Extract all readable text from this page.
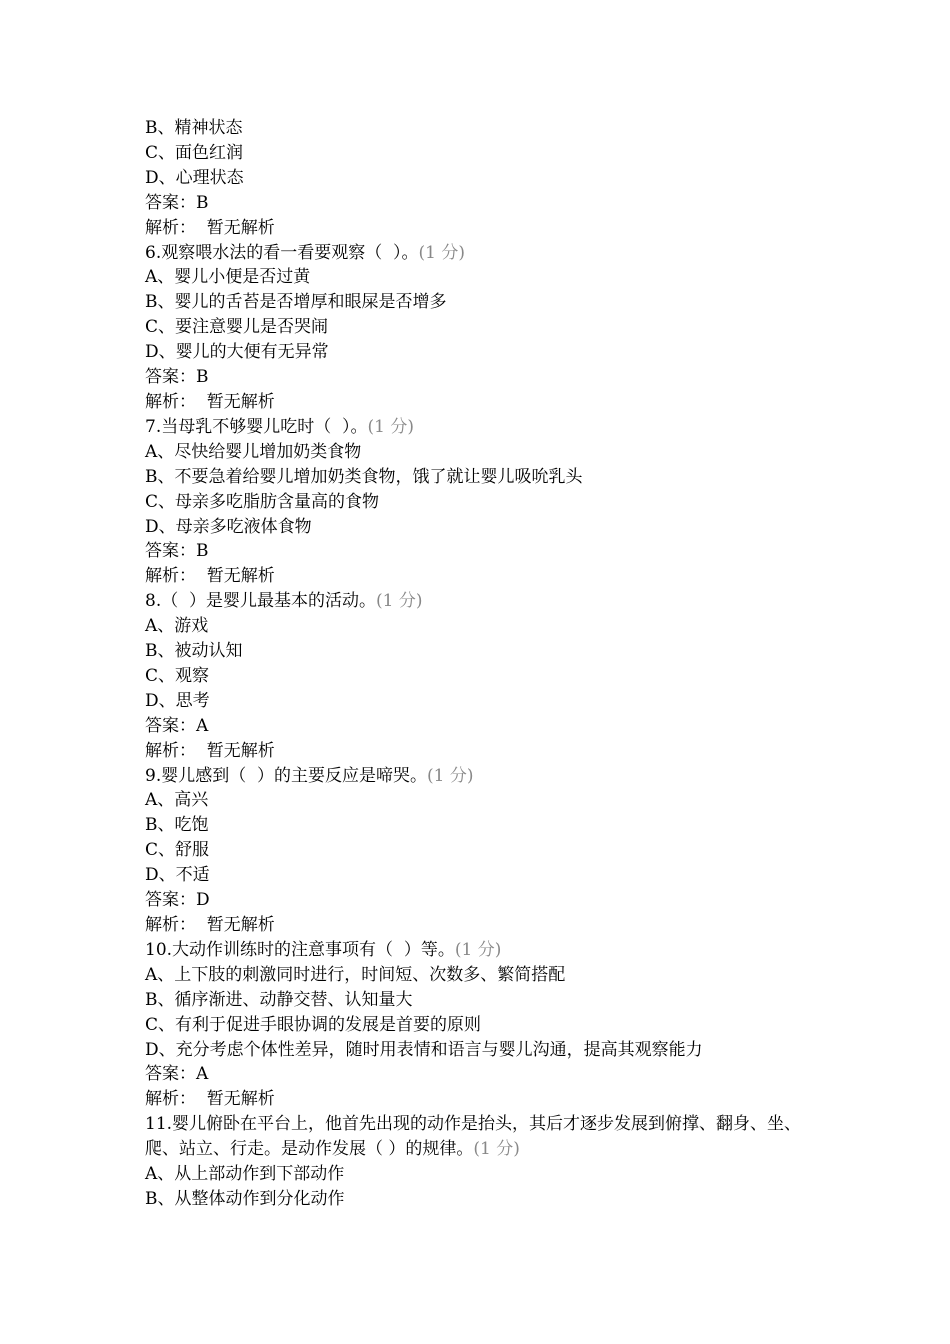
B、精神状态
C、面色红润
D、心理状态
答案：B
解析：  暂无解析
6.观察喂水法的看一看要观察（  ）。(1 分)
A、婴儿小便是否过黄
B、婴儿的舌苔是否增厚和眼屎是否增多
C、要注意婴儿是否哭闹
D、婴儿的大便有无异常
答案：B
解析：  暂无解析
7.当母乳不够婴儿吃时（  ）。(1 分)
A、尽快给婴儿增加奶类食物
B、不要急着给婴儿增加奶类食物，饿了就让婴儿吸吮乳头
C、母亲多吃脂肪含量高的食物
D、母亲多吃液体食物
答案：B
解析：  暂无解析
8.（  ）是婴儿最基本的活动。(1 分)
A、游戏
B、被动认知
C、观察
D、思考
答案：A
解析：  暂无解析
9.婴儿感到（  ）的主要反应是啼哭。(1 分)
A、高兴
B、吃饱
C、舒服
D、不适
答案：D
解析：  暂无解析
10.大动作训练时的注意事项有（  ）等。(1 分)
A、上下肢的刺激同时进行，时间短、次数多、繁简搭配
B、循序渐进、动静交替、认知量大
C、有利于促进手眼协调的发展是首要的原则
D、充分考虑个体性差异，随时用表情和语言与婴儿沟通，提高其观察能力
答案：A
解析：  暂无解析
11.婴儿俯卧在平台上，他首先出现的动作是抬头，其后才逐步发展到俯撑、翻身、坐、爬、站立、行走。是动作发展（ ）的规律。(1 分)
A、从上部动作到下部动作
B、从整体动作到分化动作
